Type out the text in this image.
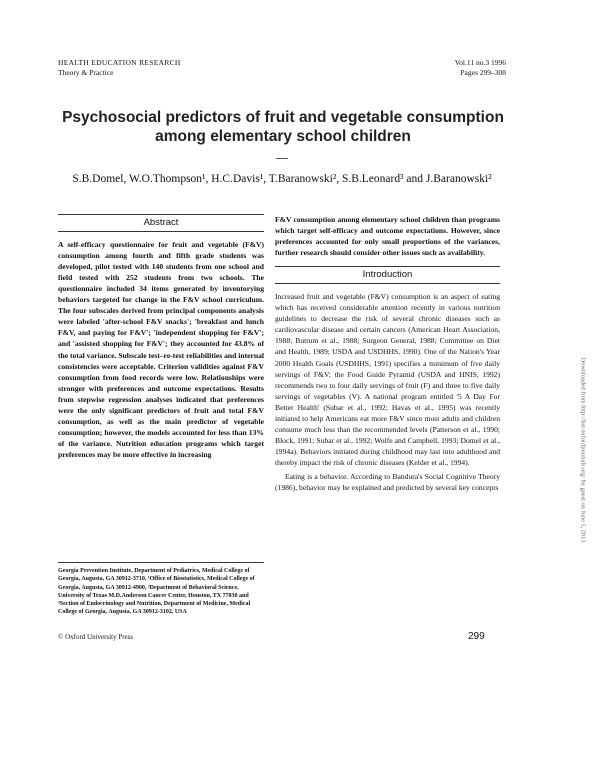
HEALTH EDUCATION RESEARCH
Theory & Practice
Vol.11 no.3 1996
Pages 299–308
Psychosocial predictors of fruit and vegetable consumption among elementary school children
S.B.Domel, W.O.Thompson¹, H.C.Davis¹, T.Baranowski², S.B.Leonard³ and J.Baranowski²
Abstract

A self-efficacy questionnaire for fruit and vegetable (F&V) consumption among fourth and fifth grade students was developed, pilot tested with 140 students from one school and field tested with 252 students from two schools. The questionnaire included 34 items generated by inventorying behaviors targeted for change in the F&V school curriculum. The four subscales derived from principal components analysis were labeled 'after-school F&V snacks'; 'breakfast and lunch F&V, and paying for F&V'; 'independent shopping for F&V'; and 'assisted shopping for F&V'; they accounted for 43.8% of the total variance. Subscale test–re-test reliabilities and internal consistencies were acceptable. Criterion validities against F&V consumption from food records were low. Relationships were stronger with preferences and outcome expectations. Results from stepwise regression analyses indicated that preferences were the only significant predictors of fruit and total F&V consumption, as well as the main predictor of vegetable consumption; however, the models accounted for less than 13% of the variance. Nutrition education programs which target preferences may be more effective in increasing

F&V consumption among elementary school children than programs which target self-efficacy and outcome expectations. However, since preferences accounted for only small proportions of the variances, further research should consider other issues such as availability.

Introduction

Increased fruit and vegetable (F&V) consumption is an aspect of eating which has received considerable attention recently in various nutrition guidelines to decrease the risk of several chronic diseases such as cardiovascular disease and certain cancers (American Heart Association, 1988; Butrum et al., 1988; Surgeon General, 1988; Committee on Diet and Health, 1989; USDA and USDHHS, 1990). One of the Nation's Year 2000 Health Goals (USDHHS, 1991) specifies a minimum of five daily servings of F&V; the Food Guide Pyramid (USDA and HNIS, 1992) recommends two to four daily servings of fruit (F) and three to five daily servings of vegetables (V). A national program entitled '5 A Day For Better Health' (Subar et al., 1992; Havas et al., 1995) was recently initiated to help Americans eat more F&V since most adults and children consume much less than the recommended levels (Patterson et al., 1990; Block, 1991; Subar et al., 1992; Wolfe and Campbell, 1993; Domel et al., 1994a). Behaviors initiated during childhood may last into adulthood and thereby impact the risk of chronic diseases (Kelder et al., 1994).

Eating is a behavior. According to Bandura's Social Cognitive Theory (1986), behavior may be explained and predicted by several key concepts

Georgia Prevention Institute, Department of Pediatrics, Medical College of Georgia, Augusta, GA 30912-3710, ¹Office of Biostatistics, Medical College of Georgia, Augusta, GA 30912-4900, ²Department of Behavioral Science, University of Texas M.D.Anderson Cancer Center, Houston, TX 77030 and ³Section of Endocrinology and Nutrition, Department of Medicine, Medical College of Georgia, Augusta, GA 30912-3102, USA
© Oxford University Press	299
Downloaded from http://her.oxfordjournals.org/ by guest on June 5, 2013
